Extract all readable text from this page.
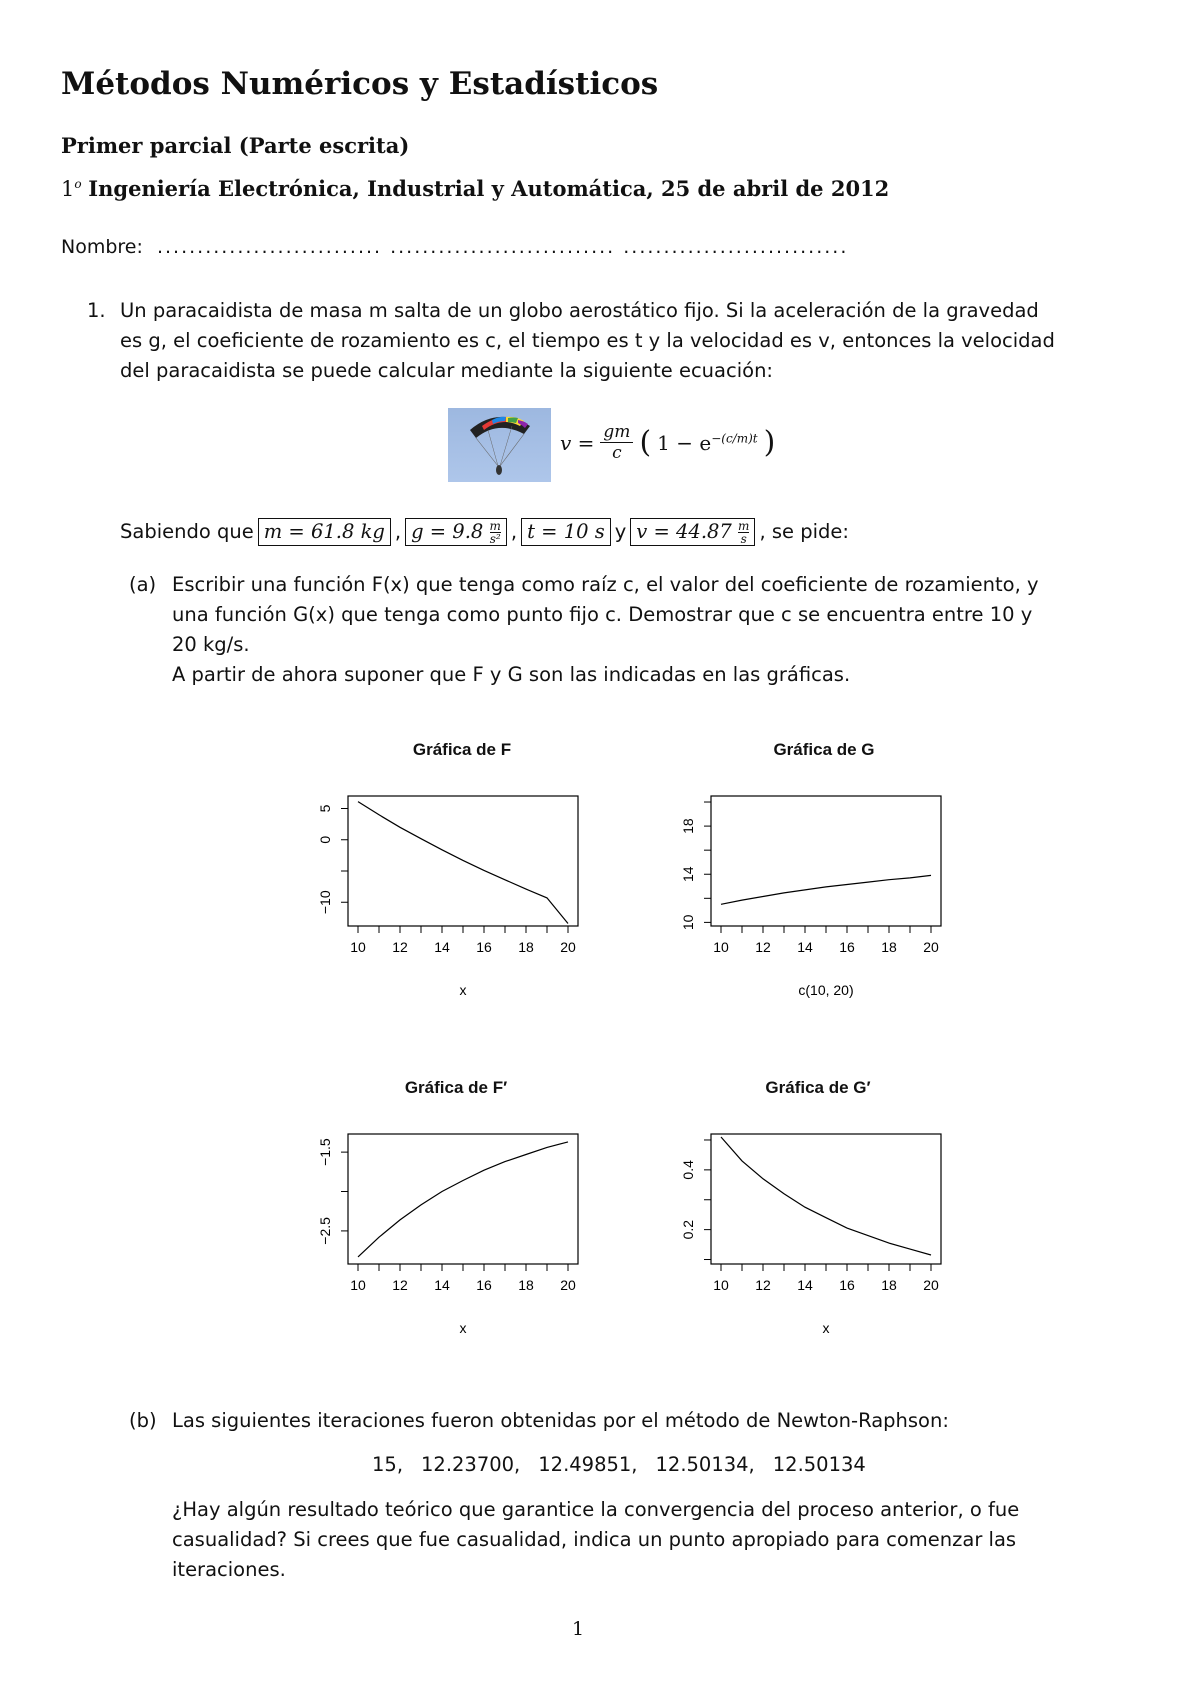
Métodos Numéricos y Estadísticos
Primer parcial (Parte escrita)
1$^o$ Ingeniería Electrónica, Industrial y Automática, 25 de abril de 2012
Nombre: ............................ ............................ ............................
1. Un paracaidista de masa m salta de un globo aerostático fijo. Si la aceleración de la gravedad
es g, el coeficiente de rozamiento es c, el tiempo es t y la velocidad es v, entonces la velocidad
del paracaidista se puede calcular mediante la siguiente ecuación:
$v = \frac{gm}{c}$ ( $1 - e^{-(c/m)t}$ )
Sabiendo que m = 61.8 kg , $g = 9.8 \frac{m}{\text{s²}}$ , t = 10 s y $v = 44.87 \frac{m}{s}$ , se pide:
(a) Escribir una función F(x) que tenga como raíz c, el valor del coeficiente de rozamiento, y
una función G(x) que tenga como punto fijo c. Demostrar que c se encuentra entre 10 y
20 kg/s.
A partir de ahora suponer que F y G son las indicadas en las gráficas.
Gráfica de F	Gráfica de G
Gráfica de F′	Gráfica de G′
10 12 14 16 18 20
−10
0
5
x
10 12 14 16 18 20
10
14
18
c(10, 20)
10 12 14 16 18 20
−2.5
−1.5
x
10 12 14 16 18 20
0.2
0.4
x
(b) Las siguientes iteraciones fueron obtenidas por el método de Newton-Raphson:
15, 12.23700, 12.49851, 12.50134, 12.50134
¿Hay algún resultado teórico que garantice la convergencia del proceso anterior, o fue
casualidad? Si crees que fue casualidad, indica un punto apropiado para comenzar las
iteraciones.
1
